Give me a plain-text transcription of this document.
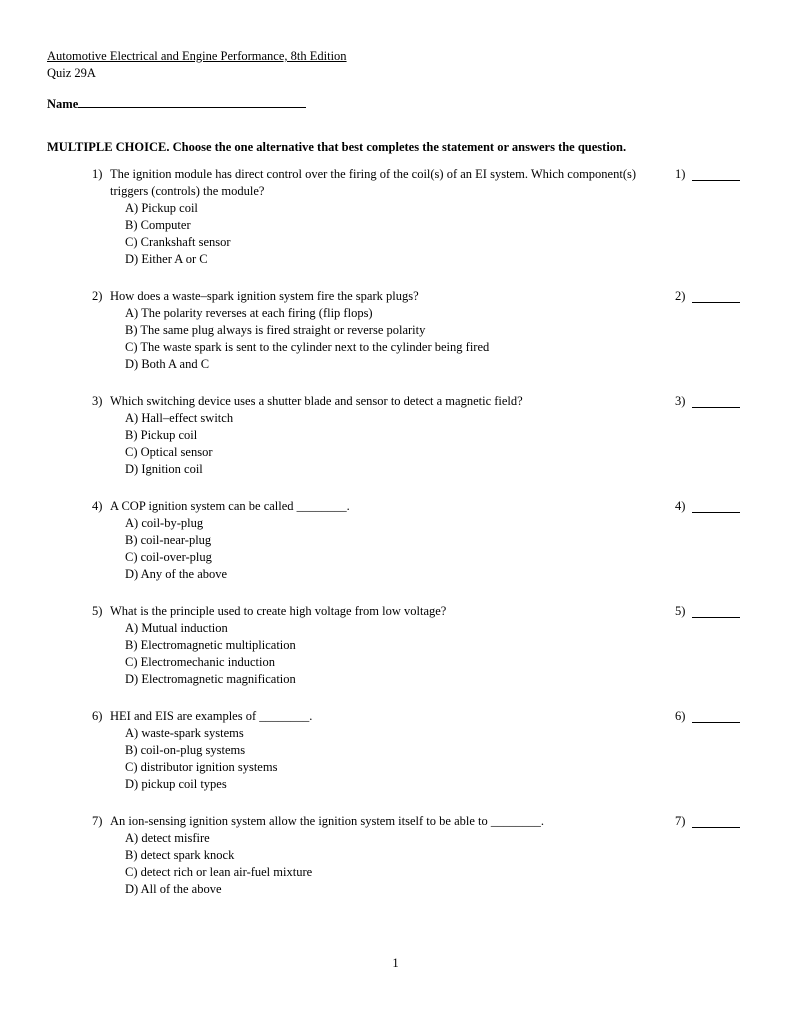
Automotive Electrical and Engine Performance, 8th Edition
Quiz 29A
Name
MULTIPLE CHOICE. Choose the one alternative that best completes the statement or answers the question.
1) The ignition module has direct control over the firing of the coil(s) of an EI system. Which component(s) triggers (controls) the module?
A) Pickup coil
B) Computer
C) Crankshaft sensor
D) Either A or C
1)
2) How does a waste–spark ignition system fire the spark plugs?
A) The polarity reverses at each firing (flip flops)
B) The same plug always is fired straight or reverse polarity
C) The waste spark is sent to the cylinder next to the cylinder being fired
D) Both A and C
2)
3) Which switching device uses a shutter blade and sensor to detect a magnetic field?
A) Hall–effect switch
B) Pickup coil
C) Optical sensor
D) Ignition coil
3)
4) A COP ignition system can be called ________.
A) coil-by-plug
B) coil-near-plug
C) coil-over-plug
D) Any of the above
4)
5) What is the principle used to create high voltage from low voltage?
A) Mutual induction
B) Electromagnetic multiplication
C) Electromechanic induction
D) Electromagnetic magnification
5)
6) HEI and EIS are examples of ________.
A) waste-spark systems
B) coil-on-plug systems
C) distributor ignition systems
D) pickup coil types
6)
7) An ion-sensing ignition system allow the ignition system itself to be able to ________.
A) detect misfire
B) detect spark knock
C) detect rich or lean air-fuel mixture
D) All of the above
7)
1
